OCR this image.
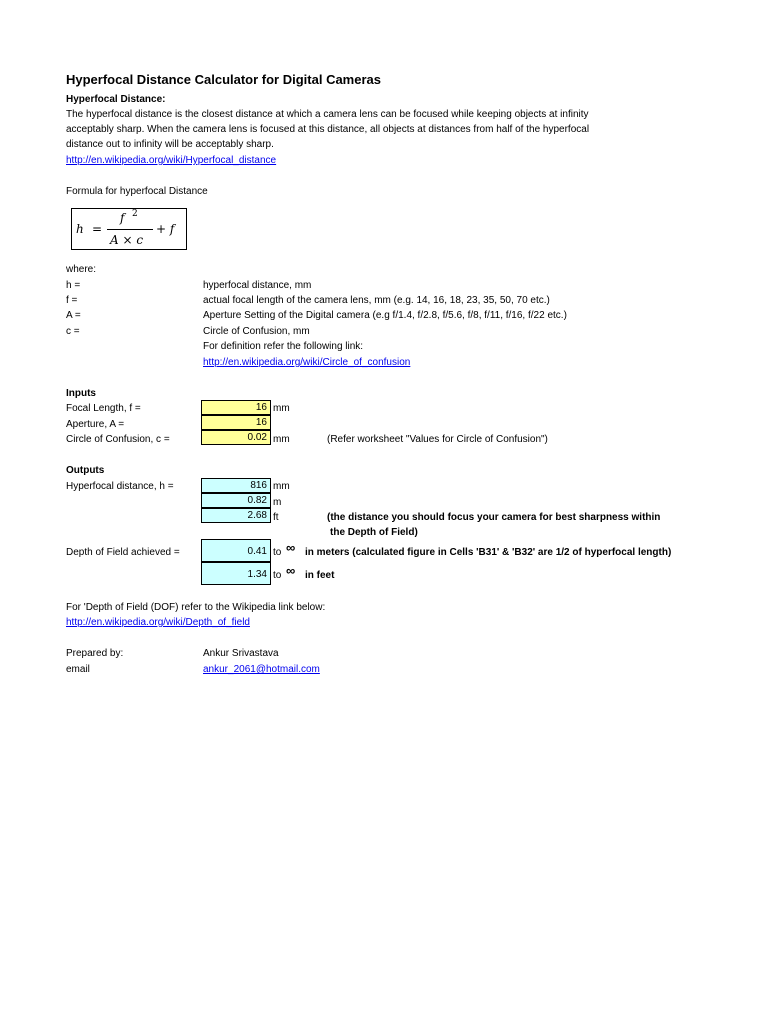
Hyperfocal Distance Calculator for Digital Cameras
Hyperfocal Distance:
The hyperfocal distance is the closest distance at which a camera lens can be focused while keeping objects at infinity
acceptably sharp. When the camera lens is focused at this distance, all objects at distances from half of the hyperfocal
distance out to infinity will be acceptably sharp.
http://en.wikipedia.org/wiki/Hyperfocal_distance
Formula for hyperfocal Distance
h =
f 2
A × c
+ f
where:
h =	hyperfocal distance, mm
f =	actual focal length of the camera lens, mm (e.g. 14, 16, 18, 23, 35, 50, 70 etc.)
A =	Aperture Setting of the Digital camera (e.g f/1.4, f/2.8, f/5.6, f/8, f/11, f/16, f/22 etc.)
c =	Circle of Confusion, mm
For definition refer the following link:
http://en.wikipedia.org/wiki/Circle_of_confusion
Inputs
Focal Length, f =	16 mm
Aperture, A =	16
Circle of Confusion, c =	0.02 mm	(Refer worksheet "Values for Circle of Confusion")
Outputs
Hyperfocal distance, h =	816 mm
0.82 m
2.68 ft	(the distance you should focus your camera for best sharpness within
the Depth of Field)
Depth of Field achieved =	0.41 to ∞ in meters (calculated figure in Cells 'B31' & 'B32' are 1/2 of hyperfocal length)
1.34 to ∞ in feet
For 'Depth of Field (DOF) refer to the Wikipedia link below:
http://en.wikipedia.org/wiki/Depth_of_field
Prepared by:	Ankur Srivastava
email	ankur_2061@hotmail.com
